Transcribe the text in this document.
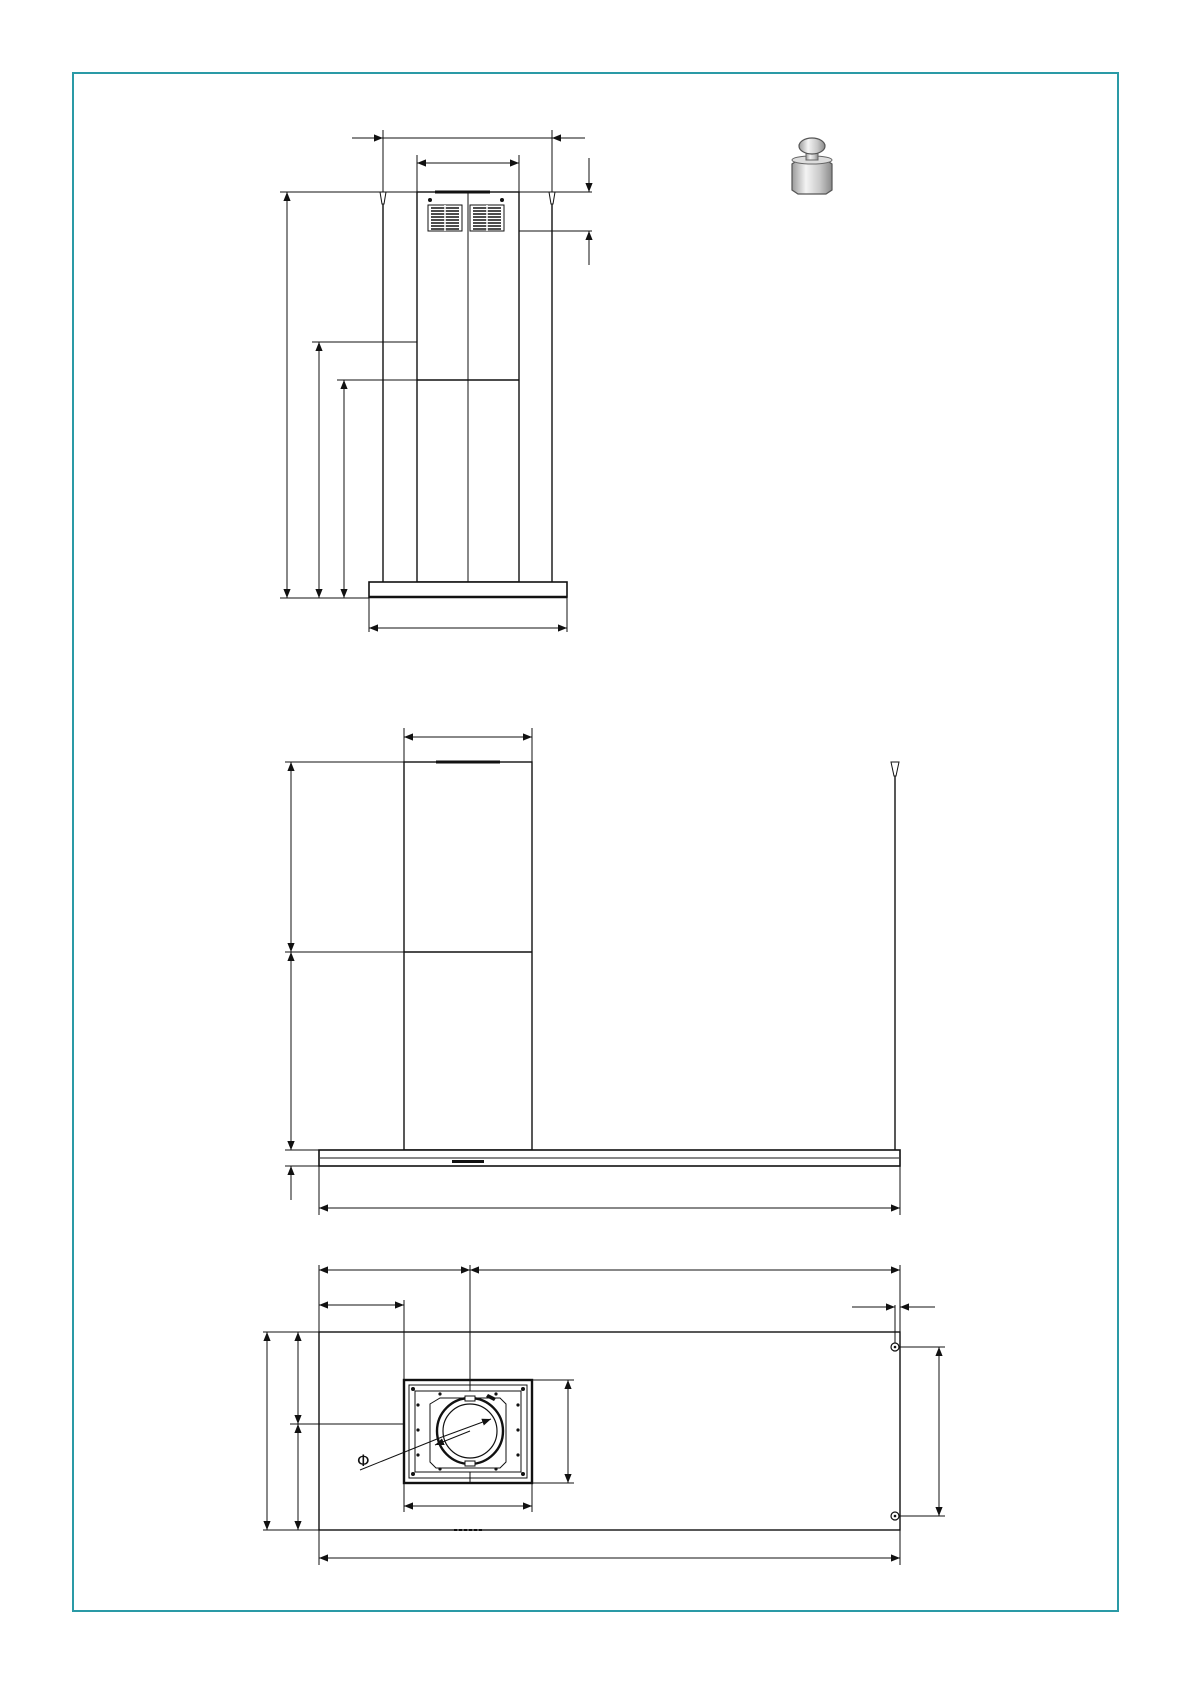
Φ
